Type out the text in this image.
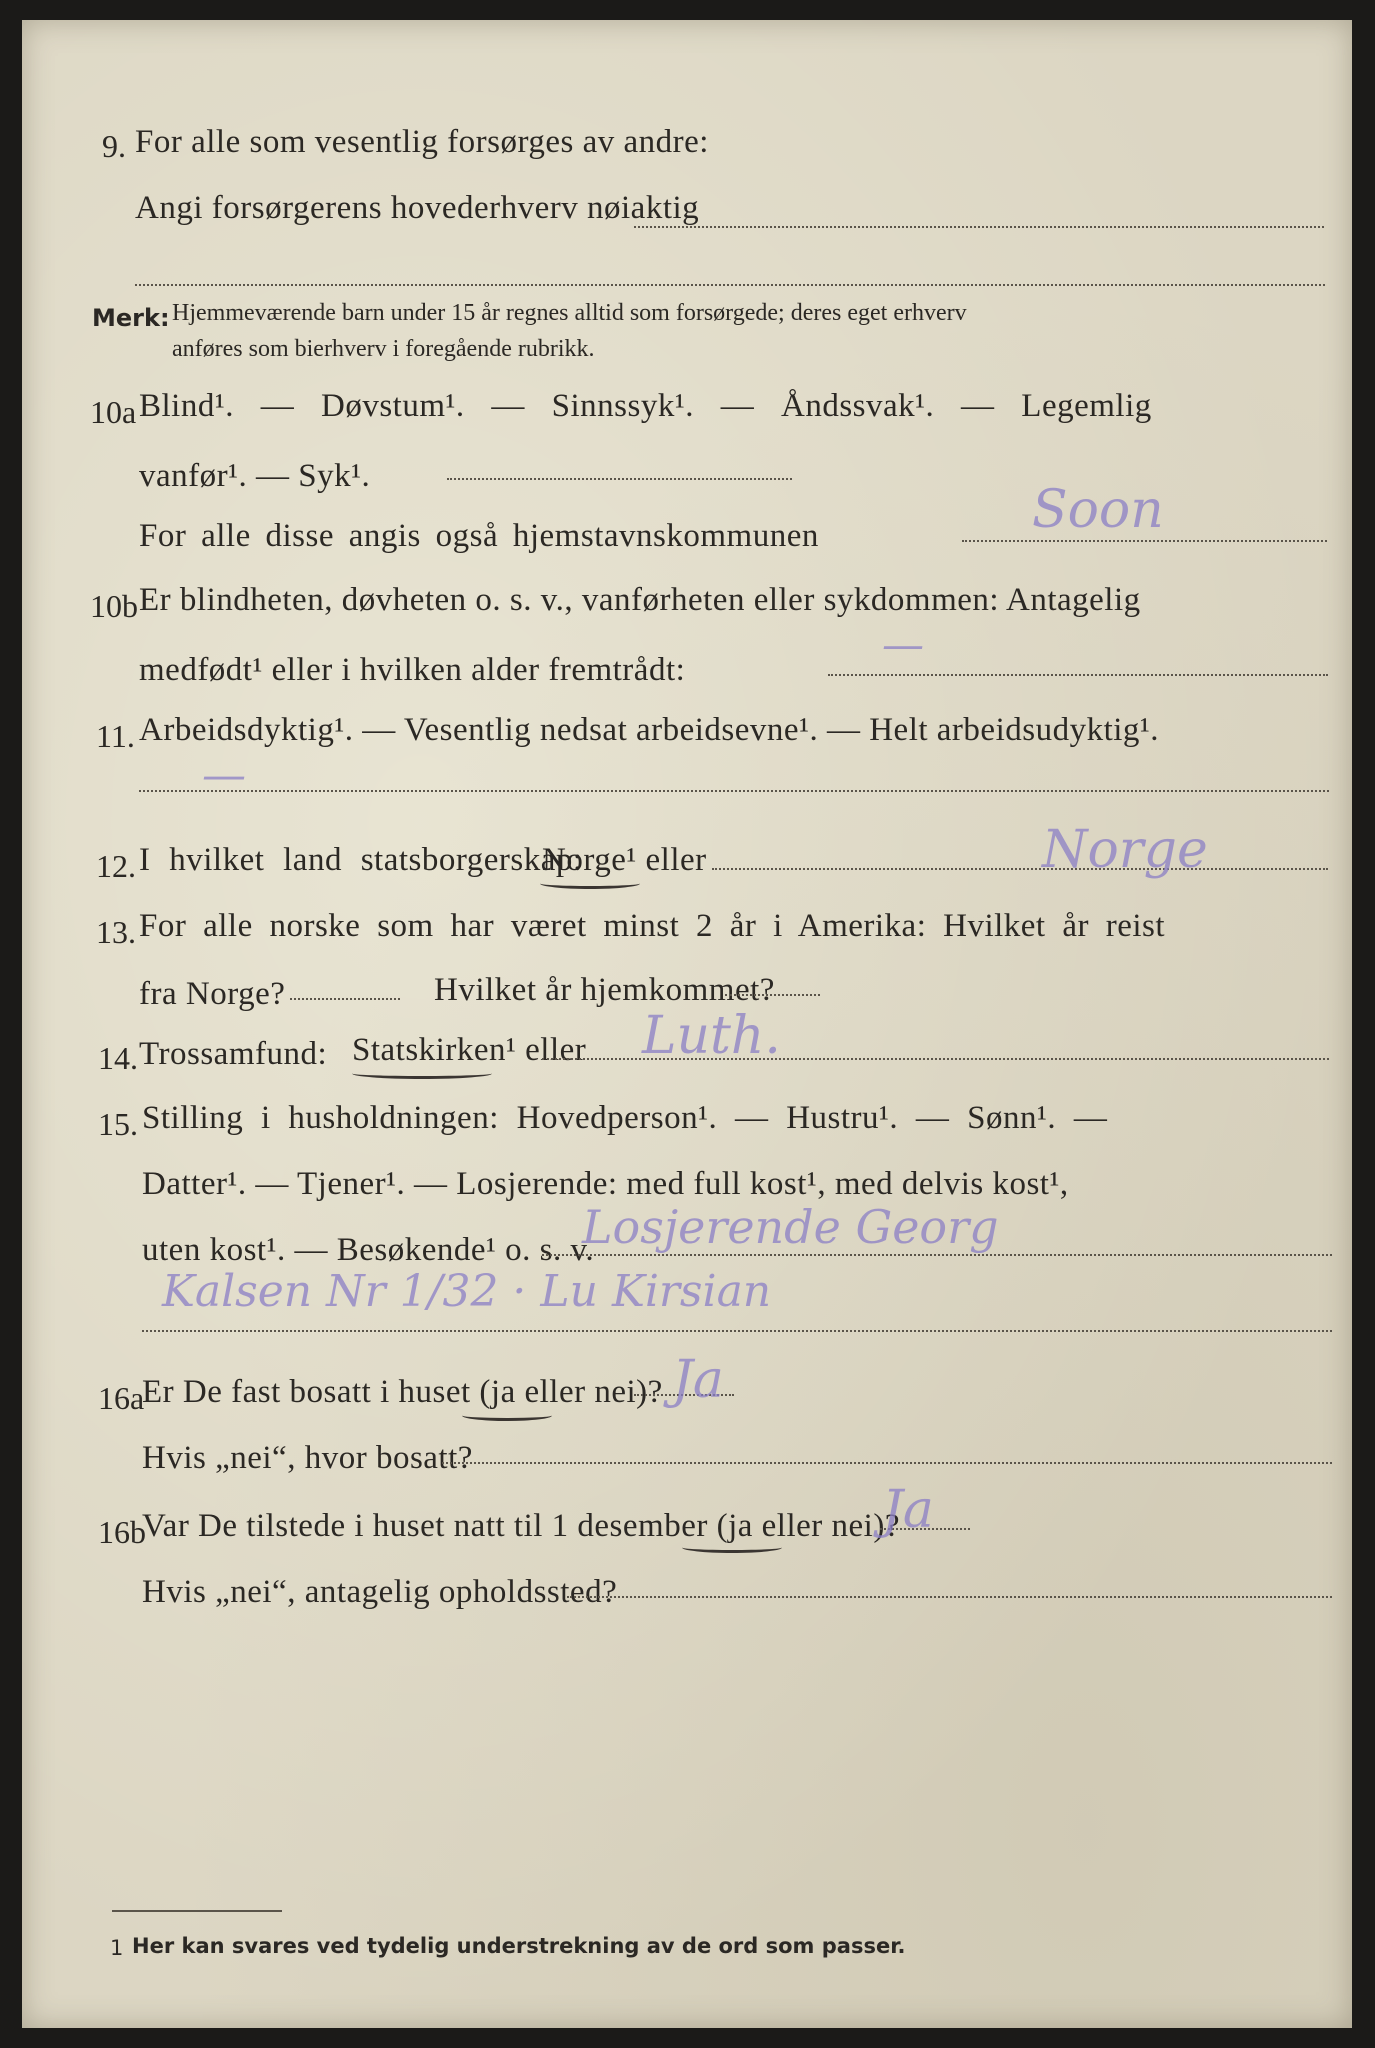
9. For alle som vesentlig forsørges av andre:
Angi forsørgerens hovederhverv nøiaktig
Merk: Hjemmeværende barn under 15 år regnes alltid som forsørgede; deres eget erhverv
anføres som bierhverv i foregående rubrikk.
10a Blind¹. — Døvstum¹. — Sinnssyk¹. — Åndssvak¹. — Legemlig
vanfør¹. — Syk¹.
For alle disse angis også hjemstavnskommunen	Soon
10b Er blindheten, døvheten o. s. v., vanførheten eller sykdommen: Antagelig
medfødt¹ eller i hvilken alder fremtrådt:
—
11. Arbeidsdyktig¹. — Vesentlig nedsat arbeidsevne¹. — Helt arbeidsudyktig¹.
—
12. I hvilket land statsborgerskap:
Norge¹ eller	Norge
13. For alle norske som har været minst 2 år i Amerika: Hvilket år reist
fra Norge?	Hvilket år hjemkommet?
14. Trossamfund: Statskirken¹ eller Luth.
15. Stilling i husholdningen: Hovedperson¹. — Hustru¹. — Sønn¹. —
Datter¹. — Tjener¹. — Losjerende: med full kost¹, med delvis kost¹,
uten kost¹. — Besøkende¹ o. s. v.
Losjerende Georg
Kalsen Nr 1/32 · Lu Kirsian
16a
Er De fast bosatt i huset (ja eller nei)? Ja
Hvis „nei“, hvor bosatt?
16b
Var De tilstede i huset natt til 1 desember (ja eller nei)?
Ja
Hvis „nei“, antagelig opholdssted?
1 Her kan svares ved tydelig understrekning av de ord som passer.
